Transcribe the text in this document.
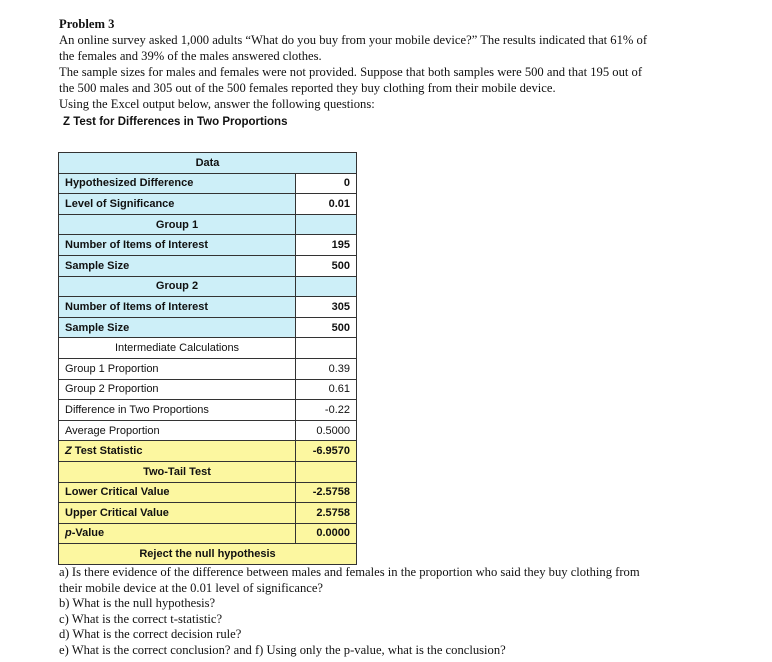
Problem 3

An online survey asked 1,000 adults “What do you buy from your mobile device?” The results indicated that 61% of

the females and 39% of the males answered clothes.

The sample sizes for males and females were not provided. Suppose that both samples were 500 and that 195 out of

the 500 males and 305 out of the 500 females reported they buy clothing from their mobile device.

Using the Excel output below, answer the following questions:

Z Test for Differences in Two Proportions
Data	
Hypothesized Difference	0
Level of Significance	0.01
Group 1	
Number of Items of Interest	195
Sample Size	500
Group 2	
Number of Items of Interest	305
Sample Size	500
Intermediate Calculations	
Group 1 Proportion	0.39
Group 2 Proportion	0.61
Difference in Two Proportions	-0.22
Average Proportion	0.5000
Z Test Statistic	-6.9570
Two-Tail Test	
Lower Critical Value	-2.5758
Upper Critical Value	2.5758
p-Value	0.0000
Reject the null hypothesis	

a) Is there evidence of the difference between males and females in the proportion who said they buy clothing from

their mobile device at the 0.01 level of significance?

b) What is the null hypothesis?

c) What is the correct t-statistic?

d) What is the correct decision rule?

e) What is the correct conclusion? and f) Using only the p-value, what is the conclusion?
